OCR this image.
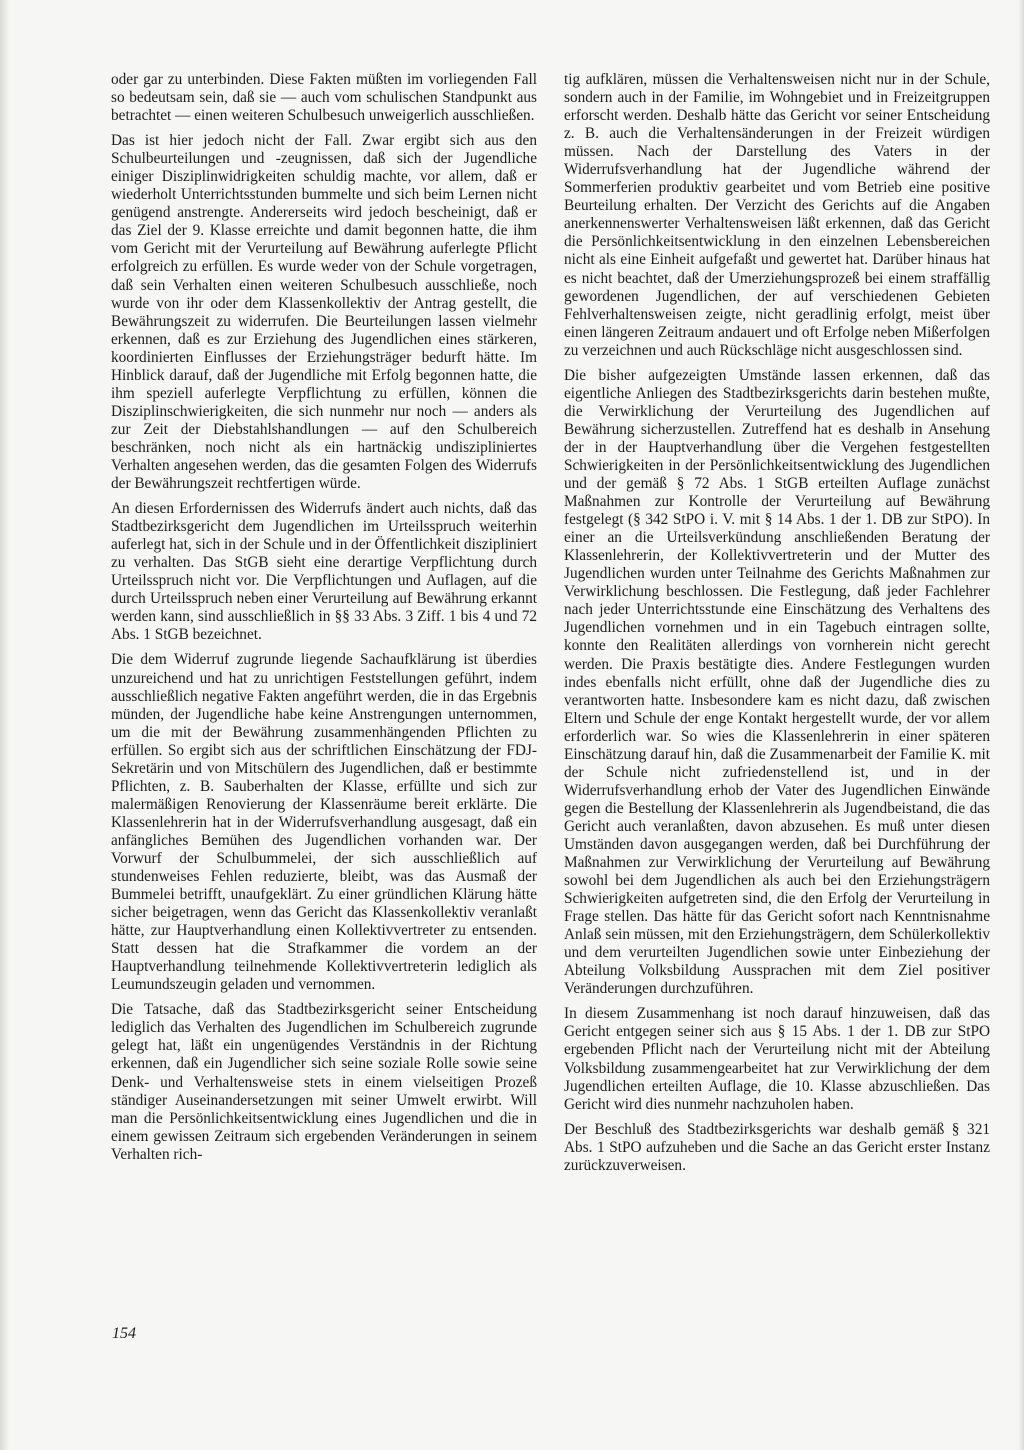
oder gar zu unterbinden. Diese Fakten müßten im vorliegenden Fall so bedeutsam sein, daß sie — auch vom schulischen Standpunkt aus betrachtet — einen weiteren Schulbesuch unweigerlich ausschließen.

Das ist hier jedoch nicht der Fall. Zwar ergibt sich aus den Schulbeurteilungen und -zeugnissen, daß sich der Jugendliche einiger Disziplinwidrigkeiten schuldig machte, vor allem, daß er wiederholt Unterrichtsstunden bummelte und sich beim Lernen nicht genügend anstrengte. Andererseits wird jedoch bescheinigt, daß er das Ziel der 9. Klasse erreichte und damit begonnen hatte, die ihm vom Gericht mit der Verurteilung auf Bewährung auferlegte Pflicht erfolgreich zu erfüllen. Es wurde weder von der Schule vorgetragen, daß sein Verhalten einen weiteren Schulbesuch ausschließe, noch wurde von ihr oder dem Klassenkollektiv der Antrag gestellt, die Bewährungszeit zu widerrufen. Die Beurteilungen lassen vielmehr erkennen, daß es zur Erziehung des Jugendlichen eines stärkeren, koordinierten Einflusses der Erziehungsträger bedurft hätte. Im Hinblick darauf, daß der Jugendliche mit Erfolg begonnen hatte, die ihm speziell auferlegte Verpflichtung zu erfüllen, können die Disziplinschwierigkeiten, die sich nunmehr nur noch — anders als zur Zeit der Diebstahlshandlungen — auf den Schulbereich beschränken, noch nicht als ein hartnäckig undiszipliniertes Verhalten angesehen werden, das die gesamten Folgen des Widerrufs der Bewährungszeit rechtfertigen würde.

An diesen Erfordernissen des Widerrufs ändert auch nichts, daß das Stadtbezirksgericht dem Jugendlichen im Urteilsspruch weiterhin auferlegt hat, sich in der Schule und in der Öffentlichkeit diszipliniert zu verhalten. Das StGB sieht eine derartige Verpflichtung durch Urteilsspruch nicht vor. Die Verpflichtungen und Auflagen, auf die durch Urteilsspruch neben einer Verurteilung auf Bewährung erkannt werden kann, sind ausschließlich in §§ 33 Abs. 3 Ziff. 1 bis 4 und 72 Abs. 1 StGB bezeichnet.

Die dem Widerruf zugrunde liegende Sachaufklärung ist überdies unzureichend und hat zu unrichtigen Feststellungen geführt, indem ausschließlich negative Fakten angeführt werden, die in das Ergebnis münden, der Jugendliche habe keine Anstrengungen unternommen, um die mit der Bewährung zusammenhängenden Pflichten zu erfüllen. So ergibt sich aus der schriftlichen Einschätzung der FDJ-Sekretärin und von Mitschülern des Jugendlichen, daß er bestimmte Pflichten, z. B. Sauberhalten der Klasse, erfüllte und sich zur malermäßigen Renovierung der Klassenräume bereit erklärte. Die Klassenlehrerin hat in der Widerrufsverhandlung ausgesagt, daß ein anfängliches Bemühen des Jugendlichen vorhanden war. Der Vorwurf der Schulbummelei, der sich ausschließlich auf stundenweises Fehlen reduzierte, bleibt, was das Ausmaß der Bummelei betrifft, unaufgeklärt. Zu einer gründlichen Klärung hätte sicher beigetragen, wenn das Gericht das Klassenkollektiv veranlaßt hätte, zur Hauptverhandlung einen Kollektivvertreter zu entsenden. Statt dessen hat die Strafkammer die vordem an der Hauptverhandlung teilnehmende Kollektivvertreterin lediglich als Leumundszeugin geladen und vernommen.

Die Tatsache, daß das Stadtbezirksgericht seiner Entscheidung lediglich das Verhalten des Jugendlichen im Schulbereich zugrunde gelegt hat, läßt ein ungenügendes Verständnis in der Richtung erkennen, daß ein Jugendlicher sich seine soziale Rolle sowie seine Denk- und Verhaltensweise stets in einem vielseitigen Prozeß ständiger Auseinandersetzungen mit seiner Umwelt erwirbt. Will man die Persönlichkeitsentwicklung eines Jugendlichen und die in einem gewissen Zeitraum sich ergebenden Veränderungen in seinem Verhalten rich-

tig aufklären, müssen die Verhaltensweisen nicht nur in der Schule, sondern auch in der Familie, im Wohngebiet und in Freizeitgruppen erforscht werden. Deshalb hätte das Gericht vor seiner Entscheidung z. B. auch die Verhaltensänderungen in der Freizeit würdigen müssen. Nach der Darstellung des Vaters in der Widerrufsverhandlung hat der Jugendliche während der Sommerferien produktiv gearbeitet und vom Betrieb eine positive Beurteilung erhalten. Der Verzicht des Gerichts auf die Angaben anerkennenswerter Verhaltensweisen läßt erkennen, daß das Gericht die Persönlichkeitsentwicklung in den einzelnen Lebensbereichen nicht als eine Einheit aufgefaßt und gewertet hat. Darüber hinaus hat es nicht beachtet, daß der Umerziehungsprozeß bei einem straffällig gewordenen Jugendlichen, der auf verschiedenen Gebieten Fehlverhaltensweisen zeigte, nicht geradlinig erfolgt, meist über einen längeren Zeitraum andauert und oft Erfolge neben Mißerfolgen zu verzeichnen und auch Rückschläge nicht ausgeschlossen sind.

Die bisher aufgezeigten Umstände lassen erkennen, daß das eigentliche Anliegen des Stadtbezirksgerichts darin bestehen mußte, die Verwirklichung der Verurteilung des Jugendlichen auf Bewährung sicherzustellen. Zutreffend hat es deshalb in Ansehung der in der Hauptverhandlung über die Vergehen festgestellten Schwierigkeiten in der Persönlichkeitsentwicklung des Jugendlichen und der gemäß § 72 Abs. 1 StGB erteilten Auflage zunächst Maßnahmen zur Kontrolle der Verurteilung auf Bewährung festgelegt (§ 342 StPO i. V. mit § 14 Abs. 1 der 1. DB zur StPO). In einer an die Urteilsverkündung anschließenden Beratung der Klassenlehrerin, der Kollektivvertreterin und der Mutter des Jugendlichen wurden unter Teilnahme des Gerichts Maßnahmen zur Verwirklichung beschlossen. Die Festlegung, daß jeder Fachlehrer nach jeder Unterrichtsstunde eine Einschätzung des Verhaltens des Jugendlichen vornehmen und in ein Tagebuch eintragen sollte, konnte den Realitäten allerdings von vornherein nicht gerecht werden. Die Praxis bestätigte dies. Andere Festlegungen wurden indes ebenfalls nicht erfüllt, ohne daß der Jugendliche dies zu verantworten hatte. Insbesondere kam es nicht dazu, daß zwischen Eltern und Schule der enge Kontakt hergestellt wurde, der vor allem erforderlich war. So wies die Klassenlehrerin in einer späteren Einschätzung darauf hin, daß die Zusammenarbeit der Familie K. mit der Schule nicht zufriedenstellend ist, und in der Widerrufsverhandlung erhob der Vater des Jugendlichen Einwände gegen die Bestellung der Klassenlehrerin als Jugendbeistand, die das Gericht auch veranlaßten, davon abzusehen. Es muß unter diesen Umständen davon ausgegangen werden, daß bei Durchführung der Maßnahmen zur Verwirklichung der Verurteilung auf Bewährung sowohl bei dem Jugendlichen als auch bei den Erziehungsträgern Schwierigkeiten aufgetreten sind, die den Erfolg der Verurteilung in Frage stellen. Das hätte für das Gericht sofort nach Kenntnisnahme Anlaß sein müssen, mit den Erziehungsträgern, dem Schülerkollektiv und dem verurteilten Jugendlichen sowie unter Einbeziehung der Abteilung Volksbildung Aussprachen mit dem Ziel positiver Veränderungen durchzuführen.

In diesem Zusammenhang ist noch darauf hinzuweisen, daß das Gericht entgegen seiner sich aus § 15 Abs. 1 der 1. DB zur StPO ergebenden Pflicht nach der Verurteilung nicht mit der Abteilung Volksbildung zusammengearbeitet hat zur Verwirklichung der dem Jugendlichen erteilten Auflage, die 10. Klasse abzuschließen. Das Gericht wird dies nunmehr nachzuholen haben.

Der Beschluß des Stadtbezirksgerichts war deshalb gemäß § 321 Abs. 1 StPO aufzuheben und die Sache an das Gericht erster Instanz zurückzuverweisen.

154
